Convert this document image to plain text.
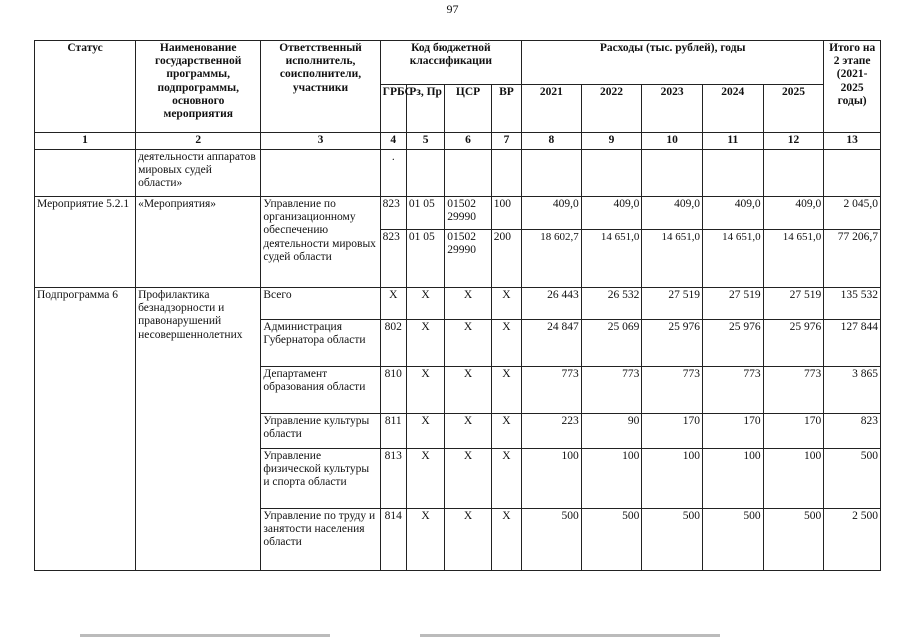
97
Статус	Наименование государственной программы, подпрограммы, основного мероприятия	Ответственный исполнитель, соисполнители, участники	Код бюджетной классификации				Расходы (тыс. рублей), годы					Итого на 2 этапе (2021-2025 годы)
			ГРБС	Рз, Пр	ЦСР	ВР	2021	2022	2023	2024	2025	
1	2	3	4	5	6	7	8	9	10	11	12	13
	деятельности аппаратов мировых судей области»		.									
Мероприятие 5.2.1	«Мероприятия»	Управление по организационному обеспечению деятельности мировых судей области	823	01 05	01502 29990	100	409,0	409,0	409,0	409,0	409,0	2 045,0
			823	01 05	01502 29990	200	18 602,7	14 651,0	14 651,0	14 651,0	14 651,0	77 206,7
Подпрограмма 6	Профилактика безнадзорности и правонарушений несовершеннолетних	Всего	Х	Х	Х	Х	26 443	26 532	27 519	27 519	27 519	135 532
		Администрация Губернатора области	802	Х	Х	Х	24 847	25 069	25 976	25 976	25 976	127 844
		Департамент образования области	810	Х	Х	Х	773	773	773	773	773	3 865
		Управление культуры области	811	Х	Х	Х	223	90	170	170	170	823
		Управление физической культуры и спорта области	813	Х	Х	Х	100	100	100	100	100	500
		Управление по труду и занятости населения области	814	Х	Х	Х	500	500	500	500	500	2 500
